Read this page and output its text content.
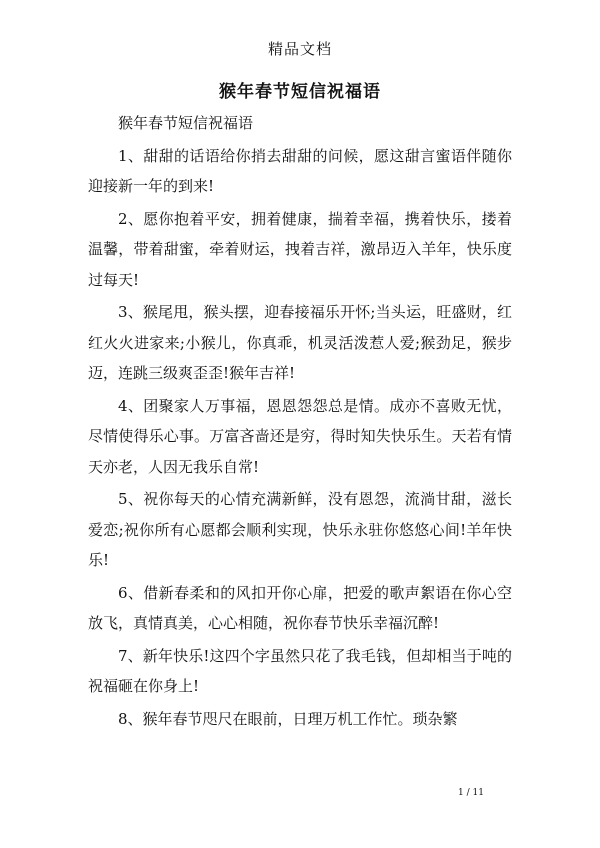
精品文档
猴年春节短信祝福语

猴年春节短信祝福语

1、甜甜的话语给你捎去甜甜的问候，愿这甜言蜜语伴随你迎接新一年的到来!

2、愿你抱着平安，拥着健康，揣着幸福，携着快乐，搂着温馨，带着甜蜜，牵着财运，拽着吉祥，激昂迈入羊年，快乐度过每天!

3、猴尾甩，猴头摆，迎春接福乐开怀;当头运，旺盛财，红红火火进家来;小猴儿，你真乖，机灵活泼惹人爱;猴劲足，猴步迈，连跳三级爽歪歪!猴年吉祥!

4、团聚家人万事福，恩恩怨怨总是情。成亦不喜败无忧，尽情使得乐心事。万富吝啬还是穷，得时知失快乐生。天若有情天亦老，人因无我乐自常!

5、祝你每天的心情充满新鲜，没有恩怨，流淌甘甜，滋长爱恋;祝你所有心愿都会顺利实现，快乐永驻你悠悠心间!羊年快乐!

6、借新春柔和的风扣开你心扉，把爱的歌声絮语在你心空放飞，真情真美，心心相随，祝你春节快乐幸福沉醉!

7、新年快乐!这四个字虽然只花了我毛钱，但却相当于吨的祝福砸在你身上!

8、猴年春节咫尺在眼前，日理万机工作忙。琐杂繁

1 / 11
